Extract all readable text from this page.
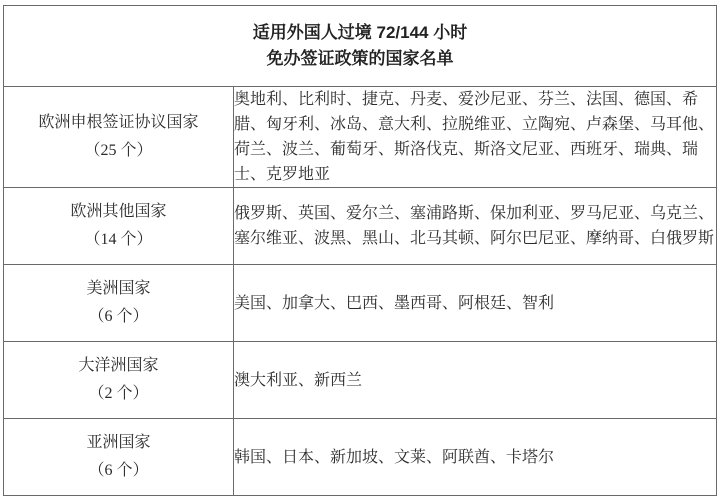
适用外国人过境 72/144 小时
免办签证政策的国家名单	

欧洲申根签证协议国家
（25 个）	奥地利、比利时、捷克、丹麦、爱沙尼亚、芬兰、法国、德国、希腊、匈牙利、冰岛、意大利、拉脱维亚、立陶宛、卢森堡、马耳他、荷兰、波兰、葡萄牙、斯洛伐克、斯洛文尼亚、西班牙、瑞典、瑞士、克罗地亚

欧洲其他国家
（14 个）	俄罗斯、英国、爱尔兰、塞浦路斯、保加利亚、罗马尼亚、乌克兰、塞尔维亚、波黑、黑山、北马其顿、阿尔巴尼亚、摩纳哥、白俄罗斯

美洲国家
（6 个）	美国、加拿大、巴西、墨西哥、阿根廷、智利

大洋洲国家
（2 个）	澳大利亚、新西兰

亚洲国家
（6 个）	韩国、日本、新加坡、文莱、阿联酋、卡塔尔
